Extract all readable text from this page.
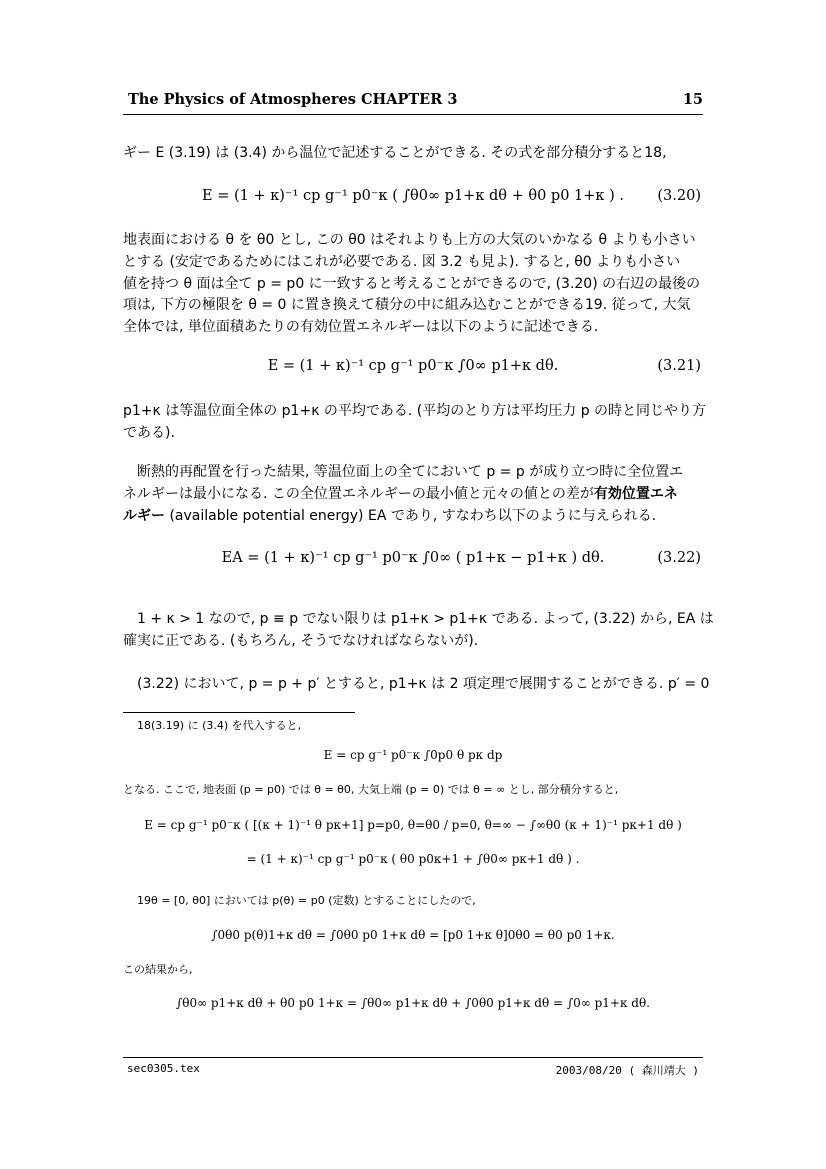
The Physics of Atmospheres CHAPTER 3	15
ギー E (3.19) は (3.4) から温位で記述することができる. その式を部分積分すると18,
E = (1 + κ)⁻¹ cp g⁻¹ p0⁻κ ( ∫θ0∞ p1+κ dθ + θ0 p0 1+κ ) .	(3.20)
地表面における θ を θ0 とし, この θ0 はそれよりも上方の大気のいかなる θ よりも小さい
とする (安定であるためにはこれが必要である. 図 3.2 も見よ). すると, θ0 よりも小さい
値を持つ θ 面は全て p = p0 に一致すると考えることができるので, (3.20) の右辺の最後の
項は, 下方の極限を θ = 0 に置き換えて積分の中に組み込むことができる19. 従って, 大気
全体では, 単位面積あたりの有効位置エネルギーは以下のように記述できる.
E = (1 + κ)⁻¹ cp g⁻¹ p0⁻κ ∫0∞ p1+κ dθ.	(3.21)
p1+κ は等温位面全体の p1+κ の平均である. (平均のとり方は平均圧力 p の時と同じやり方
である).
断熱的再配置を行った結果, 等温位面上の全てにおいて p = p が成り立つ時に全位置エ
ネルギーは最小になる. この全位置エネルギーの最小値と元々の値との差が有効位置エネ
ルギー (available potential energy) EA であり, すなわち以下のように与えられる.
EA = (1 + κ)⁻¹ cp g⁻¹ p0⁻κ ∫0∞ ( p1+κ − p1+κ ) dθ.	(3.22)
1 + κ > 1 なので, p ≡ p でない限りは p1+κ > p1+κ である. よって, (3.22) から, EA は
確実に正である. (もちろん, そうでなければならないが).
(3.22) において, p = p + p′ とすると, p1+κ は 2 項定理で展開することができる. p′ = 0
18(3.19) に (3.4) を代入すると,
E = cp g⁻¹ p0⁻κ ∫0p0 θ pκ dp
となる. ここで, 地表面 (p = p0) では θ = θ0, 大気上端 (p = 0) では θ = ∞ とし, 部分積分すると,
E = cp g⁻¹ p0⁻κ ( [(κ + 1)⁻¹ θ pκ+1] p=p0, θ=θ0 / p=0, θ=∞ − ∫∞θ0 (κ + 1)⁻¹ pκ+1 dθ )
= (1 + κ)⁻¹ cp g⁻¹ p0⁻κ ( θ0 p0κ+1 + ∫θ0∞ pκ+1 dθ ) .
19θ = [0, θ0] においては p(θ) = p0 (定数) とすることにしたので,
∫0θ0 p(θ)1+κ dθ = ∫0θ0 p0 1+κ dθ = [p0 1+κ θ]0θ0 = θ0 p0 1+κ.
この結果から,
∫θ0∞ p1+κ dθ + θ0 p0 1+κ = ∫θ0∞ p1+κ dθ + ∫0θ0 p1+κ dθ = ∫0∞ p1+κ dθ.
sec0305.tex	2003/08/20 ( 森川靖大 )
